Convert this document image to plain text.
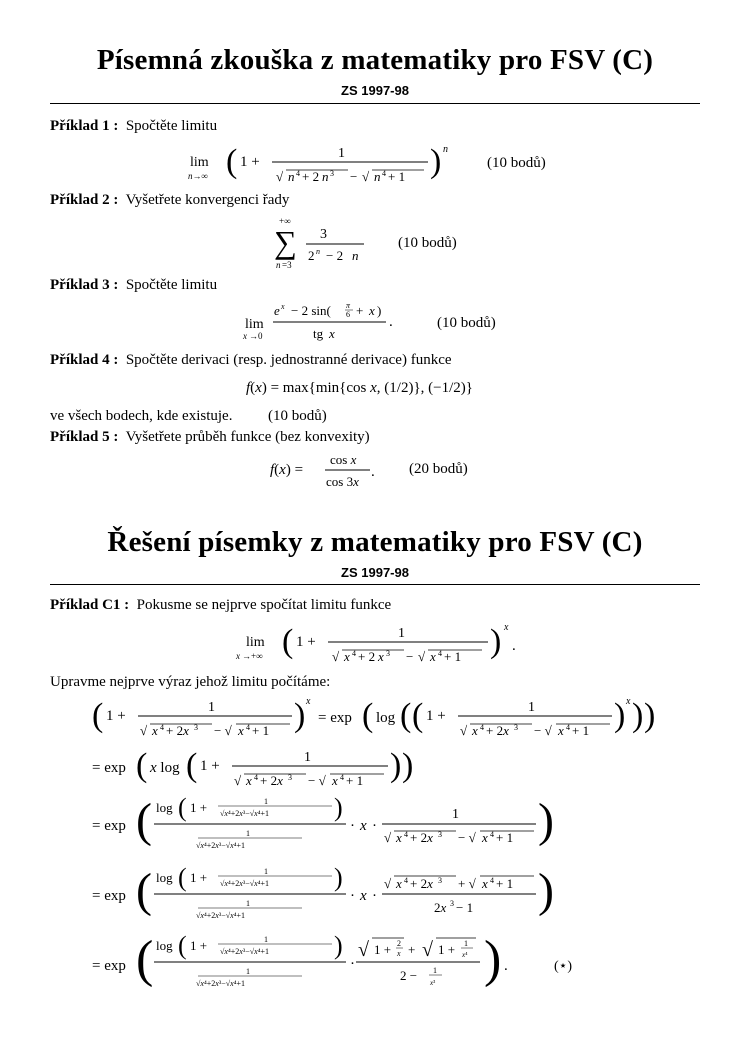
Písemná zkouška z matematiky pro FSV (C)
ZS 1997-98
Příklad 1 : Spočtěte limitu
lim
n→∞ ( 1 +
1
√ n 4 + 2 n 3 − √ n 4 + 1 ) n
(10 bodů)
Příklad 2 : Vyšetřete konvergenci řady
+∞
∑
n =3
3
2 n − 2 n
(10 bodů)
Příklad 3 : Spočtěte limitu
lim
x →0
e x − 2 sin( π
6 + x )
tg x
.	(10 bodů)
Příklad 4 : Spočtěte derivaci (resp. jednostranné derivace) funkce
f(x) = max{min{cos x, (1/2)}, (−1/2)}
ve všech bodech, kde existuje. (10 bodů)
Příklad 5 : Vyšetřete průběh funkce (bez konvexity)
f(x) =
cos x
cos 3x
. (20 bodů)
Řešení písemky z matematiky pro FSV (C)
ZS 1997-98
Příklad C1 : Pokusme se nejprve spočítat limitu funkce
lim
x →+∞ ( 1 +
1
√ x 4 + 2 x 3 − √ x 4 + 1 ) x
.
Upravme nejprve výraz jehož limitu počítáme:
( 1 +
1
√ x 4 + 2x 3 − √ x 4 + 1 ) x
= exp ( log ( ( 1 +
1
√ x 4 + 2x 3 − √ x 4 + 1 ) x ) )
= exp ( x log ( 1 +
1
√ x 4 + 2x 3 − √ x 4 + 1 ) )
= exp ( log ( 1 +	1
√x⁴+2x³−√x⁴+1 )
1
√x⁴+2x³−√x⁴+1
· x ·
1
√ x 4 + 2x 3 − √ x 4 + 1 )
= exp ( log ( 1 +	1
√x⁴+2x³−√x⁴+1 )
1
√x⁴+2x³−√x⁴+1
· x ·
√ x 4 + 2x 3 + √ x 4 + 1
2x 3 − 1 )
= exp ( log ( 1 +	1
√x⁴+2x³−√x⁴+1 )
1
√x⁴+2x³−√x⁴+1
·
√ 1 + 2
x + √ 1 + 1
x⁴
2 − 1
x³ ) .	(⋆)
